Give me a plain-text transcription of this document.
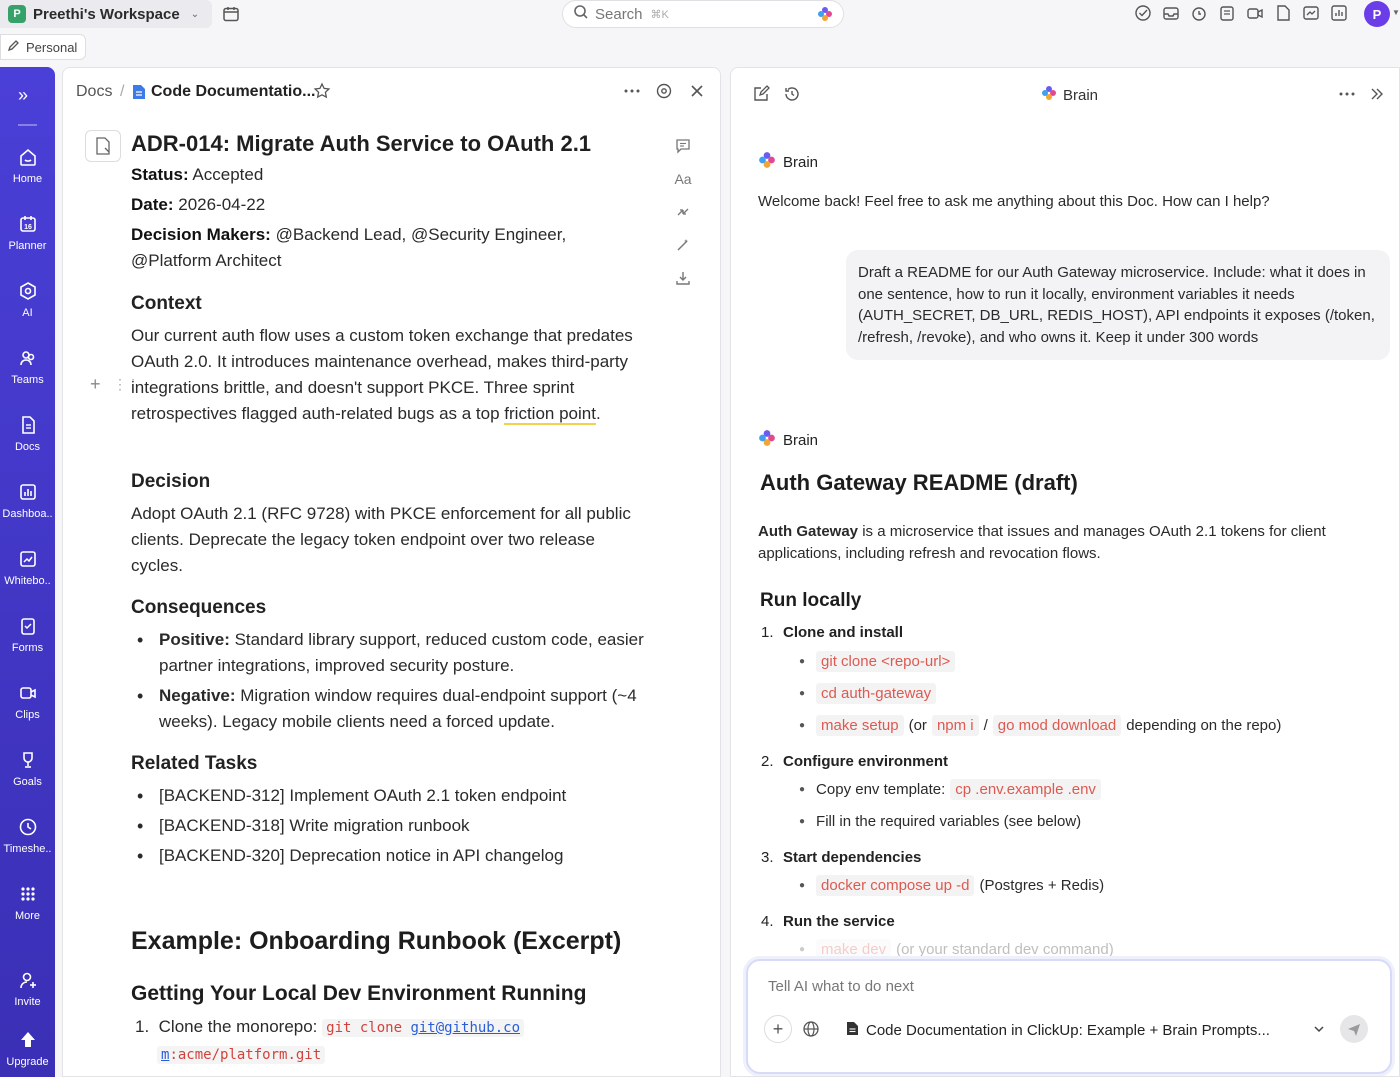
P Preethi's Workspace ⌄	Search ⌘K	P	▼
Personal
»
Home
16
Planner
AI
Teams
Docs
Dashboa..
Whitebo..
Forms
Clips
Goals
Timeshe..
More
Invite
Upgrade
Docs / Code Documentatio...
ADR-014: Migrate Auth Service to OAuth 2.1
Status: Accepted
Date: 2026-04-22
Decision Makers: @Backend Lead, @Security Engineer, @Platform Architect
Aa
Context
+ ⋮⋮
Our current auth flow uses a custom token exchange that predates OAuth 2.0. It introduces maintenance overhead, makes third-party integrations brittle, and doesn't support PKCE. Three sprint retrospectives flagged auth-related bugs as a top friction point.
Decision
Adopt OAuth 2.1 (RFC 9728) with PKCE enforcement for all public clients. Deprecate the legacy token endpoint over two release cycles.
Consequences
• Positive: Standard library support, reduced custom code, easier partner integrations, improved security posture.
• Negative: Migration window requires dual-endpoint support (~4 weeks). Legacy mobile clients need a forced update.
Related Tasks
• [BACKEND-312] Implement OAuth 2.1 token endpoint
• [BACKEND-318] Write migration runbook
• [BACKEND-320] Deprecation notice in API changelog
Example: Onboarding Runbook (Excerpt)
Getting Your Local Dev Environment Running
1. Clone the monorepo: git clone git@github.co
m:acme/platform.git
Brain
Brain
Welcome back! Feel free to ask me anything about this Doc. How can I help?
Draft a README for our Auth Gateway microservice. Include: what it does in one sentence, how to run it locally, environment variables it needs (AUTH_SECRET, DB_URL, REDIS_HOST), API endpoints it exposes (/token, /refresh, /revoke), and who owns it. Keep it under 300 words
Brain
Auth Gateway README (draft)
Auth Gateway is a microservice that issues and manages OAuth 2.1 tokens for client applications, including refresh and revocation flows.
Run locally
1. Clone and install
●	git clone <repo-url>
●	cd auth-gateway
●	make setup (or npm i / go mod download depending on the repo)
2. Configure environment
● Copy env template: cp .env.example .env
● Fill in the required variables (see below)
3. Start dependencies
●	docker compose up -d (Postgres + Redis)
4. Run the service
●	make dev (or your standard dev command)
Tell AI what to do next
+	Code Documentation in ClickUp: Example + Brain Prompts...
